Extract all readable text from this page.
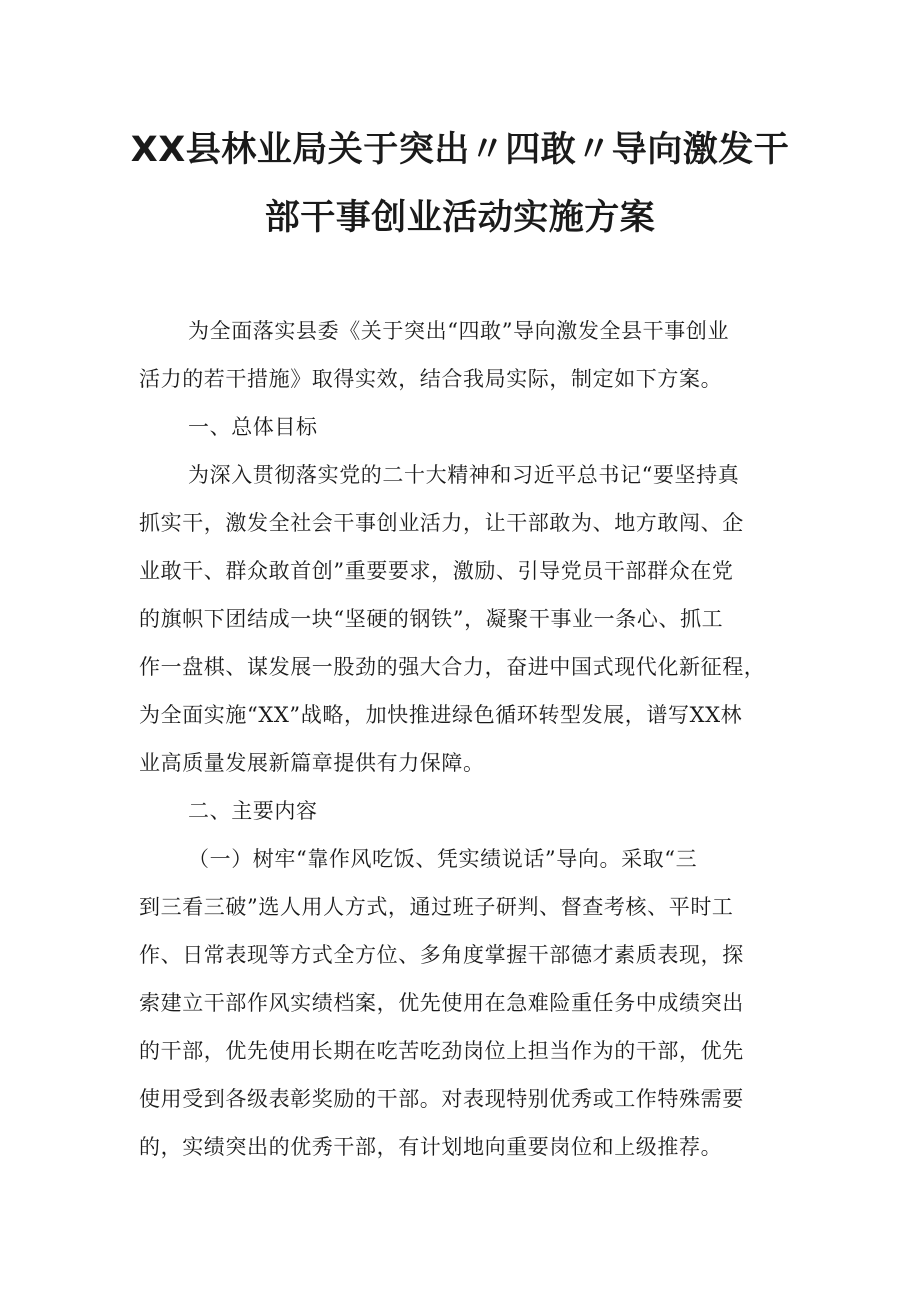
XX县林业局关于突出〃四敢〃导向激发干
部干事创业活动实施方案
为全面落实县委《关于突出“四敢”导向激发全县干事创业
活力的若干措施》取得实效，结合我局实际，制定如下方案。
一、总体目标
为深入贯彻落实党的二十大精神和习近平总书记“要坚持真
抓实干，激发全社会干事创业活力，让干部敢为、地方敢闯、企
业敢干、群众敢首创”重要要求，激励、引导党员干部群众在党
的旗帜下团结成一块“坚硬的钢铁”，凝聚干事业一条心、抓工
作一盘棋、谋发展一股劲的强大合力，奋进中国式现代化新征程，
为全面实施“XX”战略，加快推进绿色循环转型发展，谱写XX林
业高质量发展新篇章提供有力保障。
二、主要内容
（一）树牢“靠作风吃饭、凭实绩说话”导向。采取“三
到三看三破”选人用人方式，通过班子研判、督查考核、平时工
作、日常表现等方式全方位、多角度掌握干部德才素质表现，探
索建立干部作风实绩档案，优先使用在急难险重任务中成绩突出
的干部，优先使用长期在吃苦吃劲岗位上担当作为的干部，优先
使用受到各级表彰奖励的干部。对表现特别优秀或工作特殊需要
的，实绩突出的优秀干部，有计划地向重要岗位和上级推荐。
